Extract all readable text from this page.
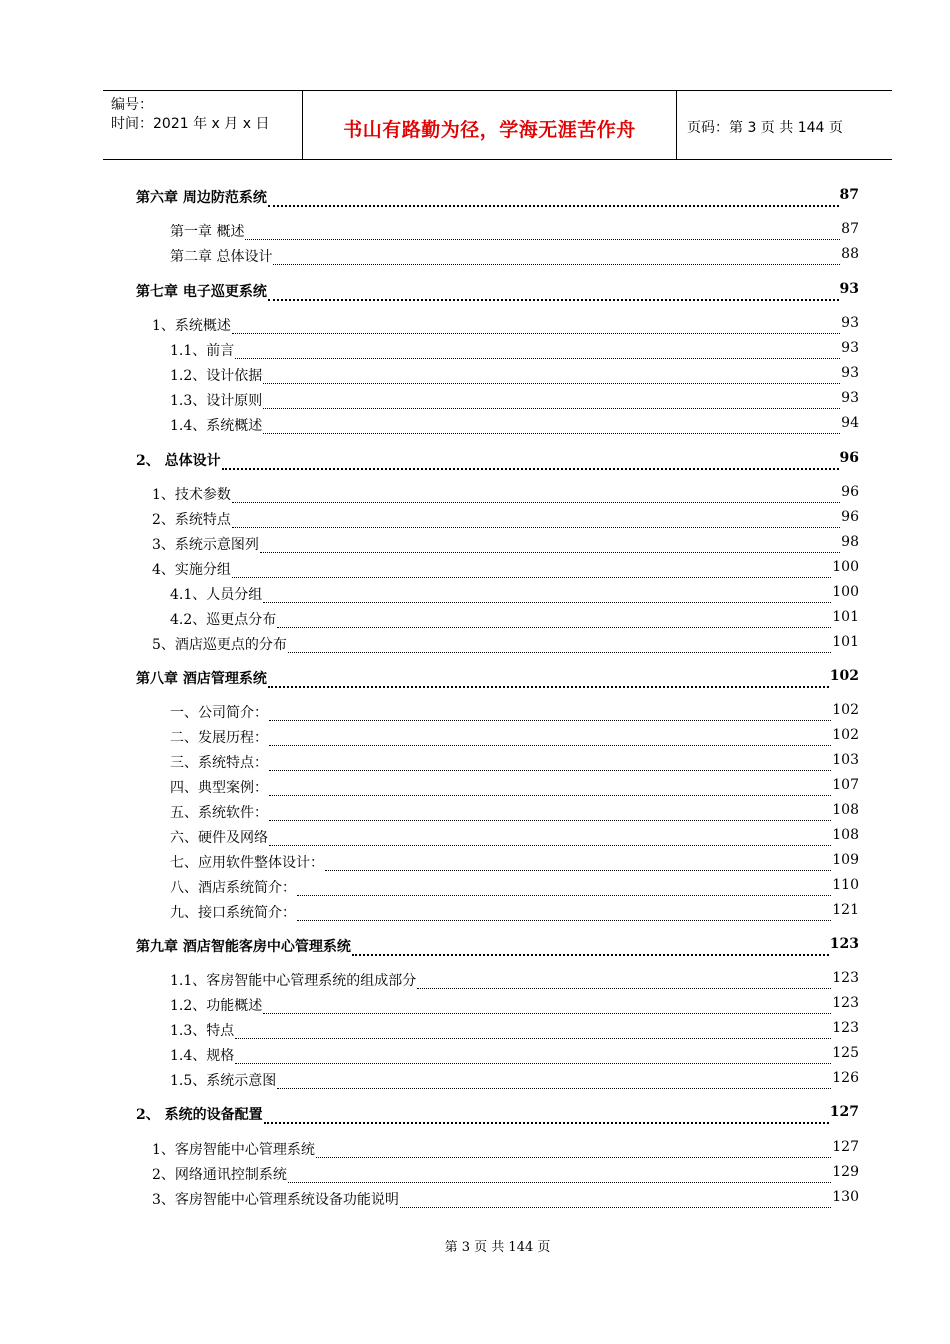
编号：
时间：2021 年 x 月 x 日	书山有路勤为径，学海无涯苦作舟	页码：第 3 页 共 144 页
第六章 周边防范系统	87
第一章 概述	87
第二章 总体设计	88
第七章 电子巡更系统	93
1、系统概述	93
1.1、前言	93
1.2、设计依据	93
1.3、设计原则	93
1.4、系统概述	94
2、 总体设计	96
1、技术参数	96
2、系统特点	96
3、系统示意图列	98
4、实施分组	100
4.1、人员分组	100
4.2、巡更点分布	101
5、酒店巡更点的分布	101
第八章 酒店管理系统	102
一、公司简介：	102
二、发展历程：	102
三、系统特点：	103
四、典型案例：	107
五、系统软件：	108
六、硬件及网络	108
七、应用软件整体设计：	109
八、酒店系统简介：	110
九、接口系统简介：	121
第九章 酒店智能客房中心管理系统	123
1.1、客房智能中心管理系统的组成部分	123
1.2、功能概述	123
1.3、特点	123
1.4、规格	125
1.5、系统示意图	126
2、 系统的设备配置	127
1、客房智能中心管理系统	127
2、网络通讯控制系统	129
3、客房智能中心管理系统设备功能说明	130
第 3 页 共 144 页
